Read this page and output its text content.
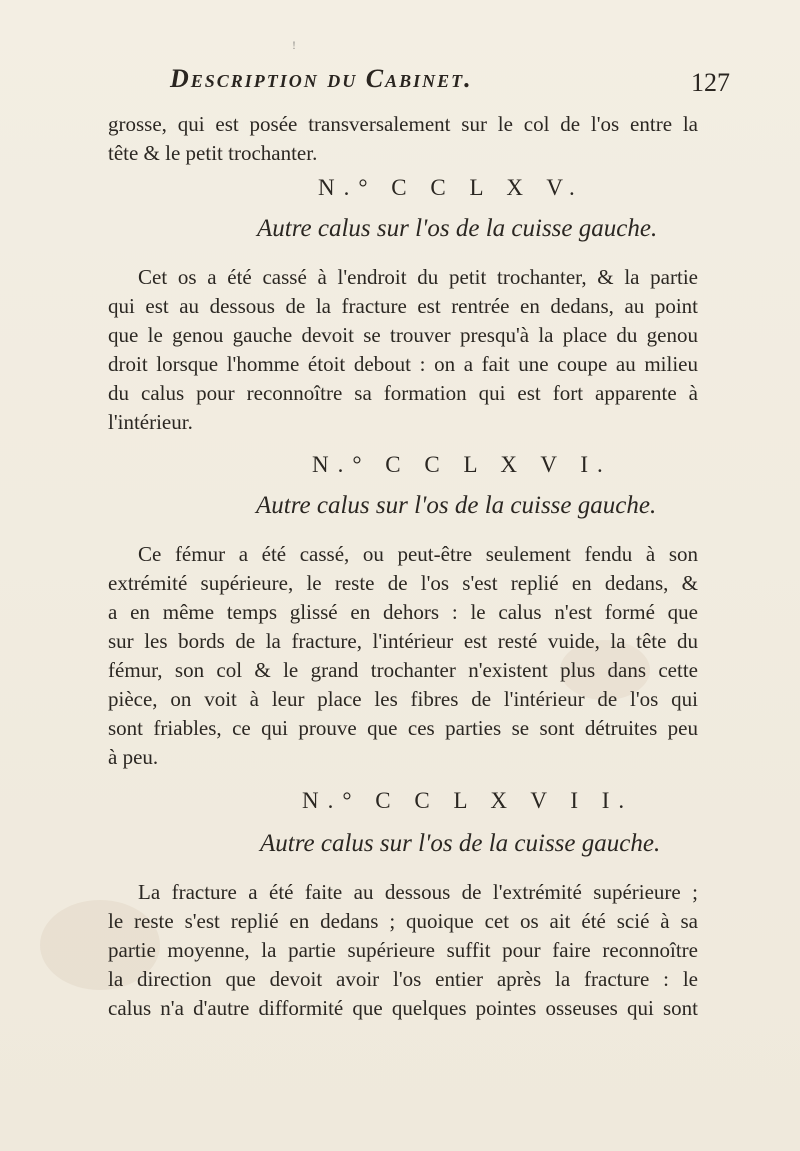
!
Description du Cabinet.	127
grosse, qui est posée transversalement sur le col de l'os entre la
tête & le petit trochanter.
N.° C C L X V.
Autre calus sur l'os de la cuisse gauche.
Cet os a été cassé à l'endroit du petit trochanter, & la partie
qui est au dessous de la fracture est rentrée en dedans, au point
que le genou gauche devoit se trouver presqu'à la place du genou
droit lorsque l'homme étoit debout : on a fait une coupe au milieu
du calus pour reconnoître sa formation qui est fort apparente à
l'intérieur.
N.° C C L X V I.
Autre calus sur l'os de la cuisse gauche.
Ce fémur a été cassé, ou peut-être seulement fendu à son
extrémité supérieure, le reste de l'os s'est replié en dedans, &
a en même temps glissé en dehors : le calus n'est formé que
sur les bords de la fracture, l'intérieur est resté vuide, la tête du
fémur, son col & le grand trochanter n'existent plus dans cette
pièce, on voit à leur place les fibres de l'intérieur de l'os qui
sont friables, ce qui prouve que ces parties se sont détruites peu
à peu.
N.° C C L X V I I.
Autre calus sur l'os de la cuisse gauche.
La fracture a été faite au dessous de l'extrémité supérieure ;
le reste s'est replié en dedans ; quoique cet os ait été scié à sa
partie moyenne, la partie supérieure suffit pour faire reconnoître
la direction que devoit avoir l'os entier après la fracture : le
calus n'a d'autre difformité que quelques pointes osseuses qui sont
